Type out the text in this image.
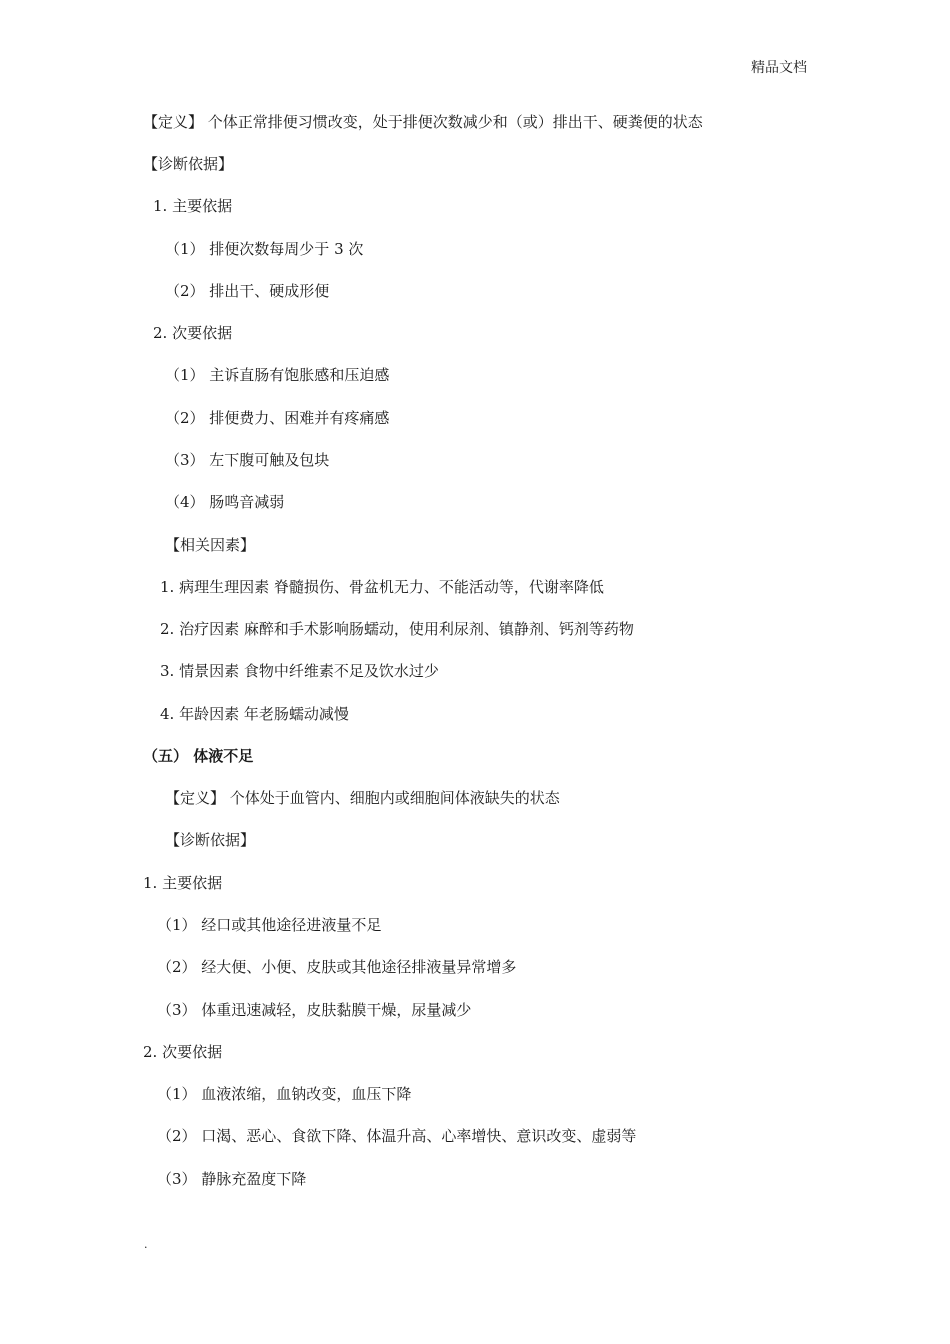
精品文档
【定义】 个体正常排便习惯改变，处于排便次数减少和（或）排出干、硬粪便的状态
【诊断依据】
1. 主要依据
（1） 排便次数每周少于 3 次
（2） 排出干、硬成形便
2. 次要依据
（1） 主诉直肠有饱胀感和压迫感
（2） 排便费力、困难并有疼痛感
（3） 左下腹可触及包块
（4） 肠鸣音减弱
【相关因素】
1. 病理生理因素 脊髓损伤、骨盆机无力、不能活动等，代谢率降低
2. 治疗因素 麻醉和手术影响肠蠕动，使用利尿剂、镇静剂、钙剂等药物
3. 情景因素 食物中纤维素不足及饮水过少
4. 年龄因素 年老肠蠕动减慢
（五） 体液不足
【定义】 个体处于血管内、细胞内或细胞间体液缺失的状态
【诊断依据】
1. 主要依据
（1） 经口或其他途径进液量不足
（2） 经大便、小便、皮肤或其他途径排液量异常增多
（3） 体重迅速减轻，皮肤黏膜干燥，尿量减少
2. 次要依据
（1） 血液浓缩，血钠改变，血压下降
（2） 口渴、恶心、食欲下降、体温升高、心率增快、意识改变、虚弱等
（3） 静脉充盈度下降
.
